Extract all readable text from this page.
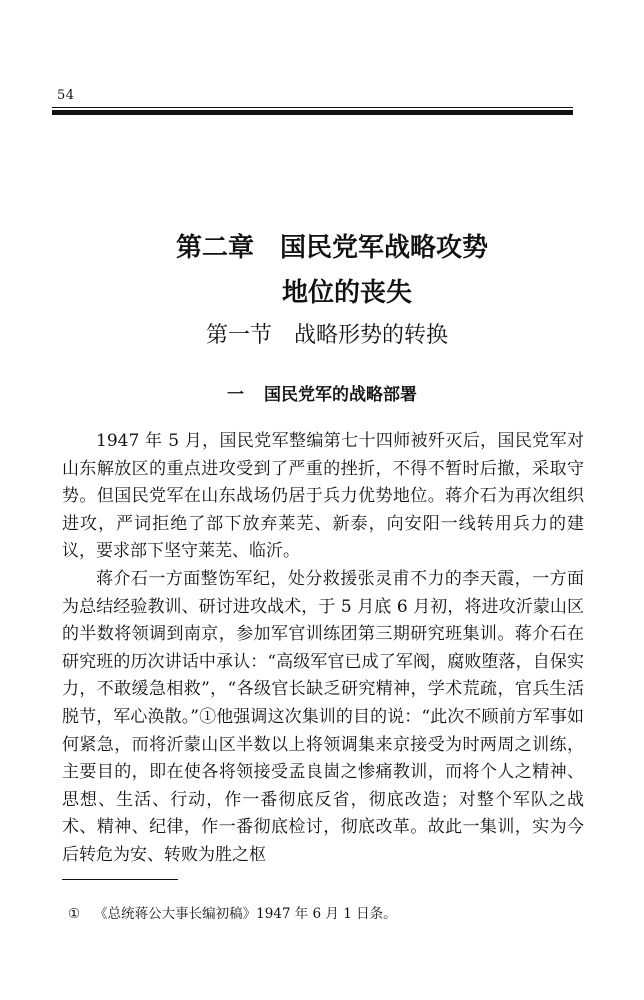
54
第二章 国民党军战略攻势
地位的丧失
第一节 战略形势的转换
一 国民党军的战略部署

1947 年 5 月，国民党军整编第七十四师被歼灭后，国民党军对山东解放区的重点进攻受到了严重的挫折，不得不暂时后撤，采取守势。但国民党军在山东战场仍居于兵力优势地位。蒋介石为再次组织进攻，严词拒绝了部下放弃莱芜、新泰，向安阳一线转用兵力的建议，要求部下坚守莱芜、临沂。

蒋介石一方面整饬军纪，处分救援张灵甫不力的李天霞，一方面为总结经验教训、研讨进攻战术，于 5 月底 6 月初，将进攻沂蒙山区的半数将领调到南京，参加军官训练团第三期研究班集训。蒋介石在研究班的历次讲话中承认：“高级军官已成了军阀，腐败堕落，自保实力，不敢缓急相救”，“各级官长缺乏研究精神，学术荒疏，官兵生活脱节，军心涣散。”①他强调这次集训的目的说：“此次不顾前方军事如何紧急，而将沂蒙山区半数以上将领调集来京接受为时两周之训练，主要目的，即在使各将领接受孟良崮之惨痛教训，而将个人之精神、思想、生活、行动，作一番彻底反省，彻底改造；对整个军队之战术、精神、纪律，作一番彻底检讨，彻底改革。故此一集训，实为今后转危为安、转败为胜之枢

① 《总统蒋公大事长编初稿》1947 年 6 月 1 日条。
